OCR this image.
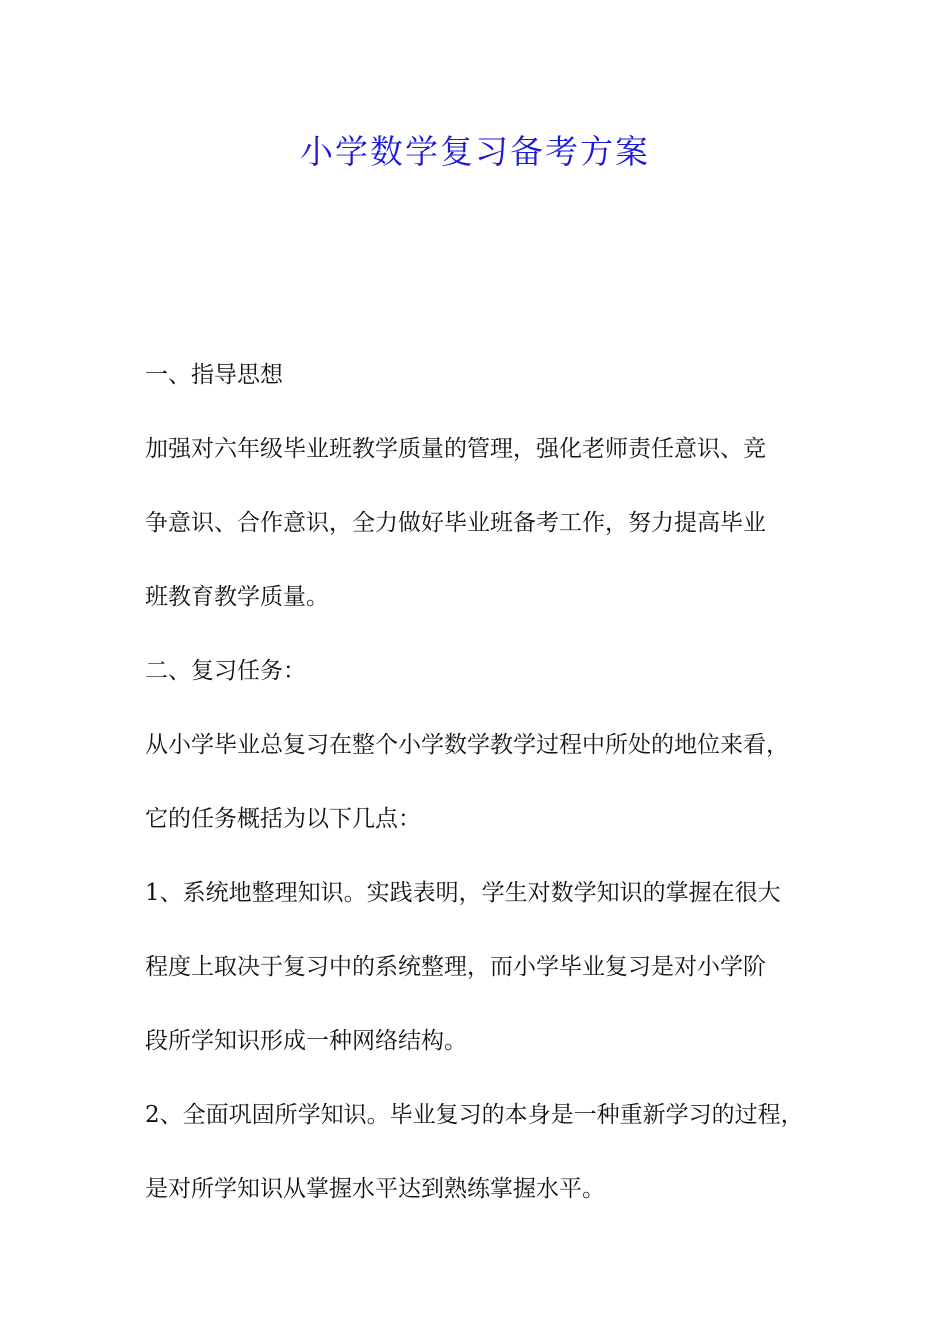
小学数学复习备考方案

一、指导思想

加强对六年级毕业班教学质量的管理，强化老师责任意识、竞

争意识、合作意识，全力做好毕业班备考工作，努力提高毕业

班教育教学质量。

二、复习任务：

从小学毕业总复习在整个小学数学教学过程中所处的地位来看，

它的任务概括为以下几点：

1、系统地整理知识。实践表明，学生对数学知识的掌握在很大

程度上取决于复习中的系统整理，而小学毕业复习是对小学阶

段所学知识形成一种网络结构。

2、全面巩固所学知识。毕业复习的本身是一种重新学习的过程，

是对所学知识从掌握水平达到熟练掌握水平。
